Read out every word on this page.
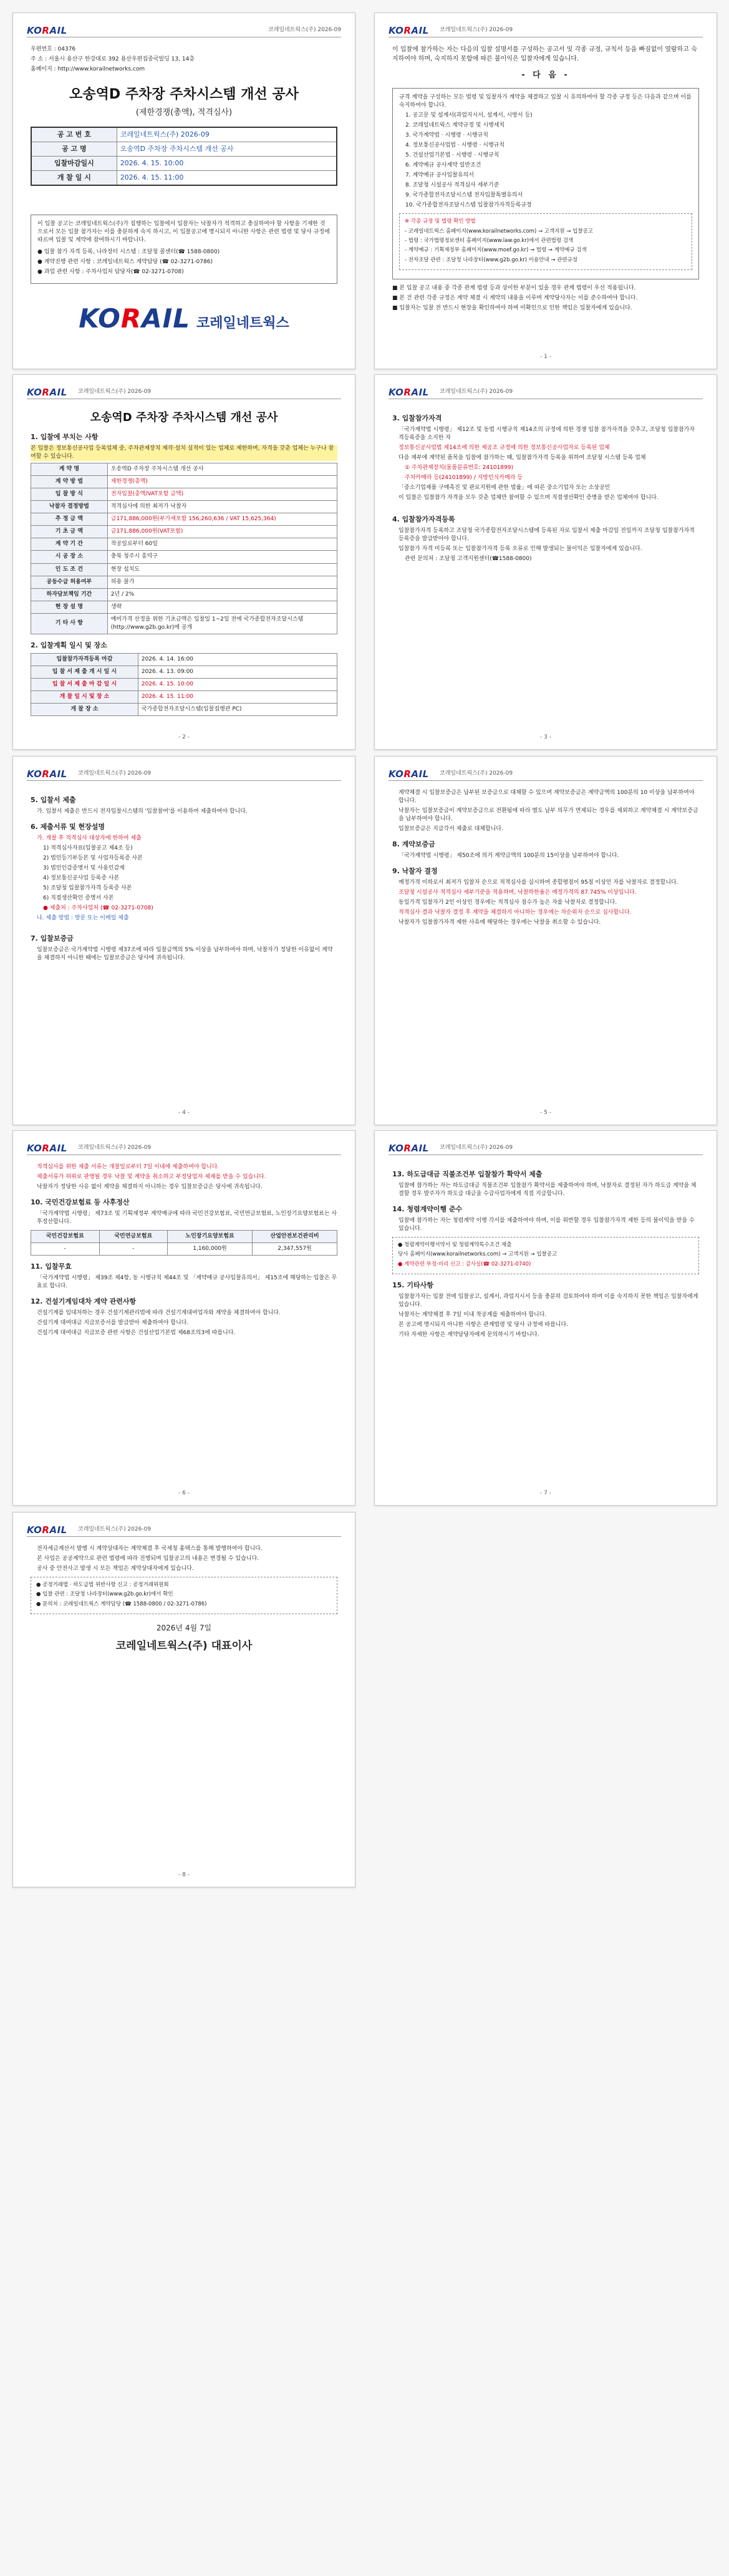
KORAIL	코레일네트웍스(주) 2026-09
우편번호 : 04376
주 소 : 서울시 용산구 한강대로 392 용산우편집중국빌딩 13, 14층
홈페이지 : http://www.korailnetworks.com
오송역D 주차장 주차시스템 개선 공사
(제한경쟁(총액), 적격심사)
공 고 번 호	코레일네트웍스(주) 2026-09
공 고 명	오송역D 주차장 주차시스템 개선 공사
입찰마감일시	2026. 4. 15. 10:00
개 찰 일 시	2026. 4. 15. 11:00
이 입찰 공고는 코레일네트웍스(주)가 집행하는 입찰에서 입찰자는 낙찰자가 적격하고 충실하여야 할 사항을 기재한 것으로서 모든 입찰 참가자는 이를 충분하게 숙지 하시고, 이 입찰공고에 명시되지 아니한 사항은 관련 법령 및 당사 규정에 따르며 입찰 및 계약에 참여하시기 바랍니다.
● 입찰 참가 자격 등록, 나라장터 시스템 : 조달청 콜센터(☎ 1588-0800)
● 계약진행 관련 사항 : 코레일네트웍스 계약담당 (☎ 02-3271-0786)
● 과업 관련 사항 : 주차사업처 담당자(☎ 02-3271-0708)
KORAIL 코레일네트웍스
KORAIL 코레일네트웍스(주) 2026-09
이 입찰에 참가하는 자는 다음의 입찰 설명서를 구성하는 공고서 및 각종 규정, 규칙서 등을 빠짐없이 열람하고 숙지하여야 하며, 숙지하지 못함에 따른 불이익은 입찰자에게 있습니다.
- 다 음 -
규격 계약을 구성하는 모든 법령 및 입찰자가 계약을 체결하고 입찰 시 유의하여야 할 각종 규정 등은 다음과 같으며 이를 숙지하여야 합니다.
1. 공고문 및 설계서(과업지시서, 설계서, 시방서 등)
2. 코레일네트웍스 계약규정 및 시행세칙
3. 국가계약법 · 시행령 · 시행규칙
4. 정보통신공사업법 · 시행령 · 시행규칙
5. 건설산업기본법 · 시행령 · 시행규칙
6. 계약예규 공사계약 일반조건
7. 계약예규 공사입찰유의서
8. 조달청 시설공사 적격심사 세부기준
9. 국가종합전자조달시스템 전자입찰특별유의서
10. 국가종합전자조달시스템 입찰참가자격등록규정
※ 각종 규정 및 법령 확인 방법
- 코레일네트웍스 홈페이지(www.korailnetworks.com) → 고객지원 → 입찰공고
- 법령 : 국가법령정보센터 홈페이지(www.law.go.kr)에서 관련법령 검색
- 계약예규 : 기획재정부 홈페이지(www.moef.go.kr) → 법령 → 계약예규 검색
- 전자조달 관련 : 조달청 나라장터(www.g2b.go.kr) 이용안내 → 관련규정
■ 본 입찰 공고 내용 중 각종 관계 법령 등과 상이한 부분이 있을 경우 관계 법령이 우선 적용됩니다.
■ 본 건 관련 각종 규정은 계약 체결 시 계약의 내용을 이루며 계약당사자는 이를 준수하여야 합니다.
■ 입찰자는 입찰 전 반드시 현장을 확인하여야 하며 미확인으로 인한 책임은 입찰자에게 있습니다.
- 1 -
KORAIL 코레일네트웍스(주) 2026-09
오송역D 주차장 주차시스템 개선 공사
1. 입찰에 부치는 사항
본 입찰은 정보통신공사업 등록업체 중, 주차관제장치 제작·설치 실적이 있는 업체로 제한하며, 자격을 갖춘 업체는 누구나 참여할 수 있습니다.
계 약 명	오송역D 주차장 주차시스템 개선 공사
계 약 방 법	제한경쟁(총액)
입 찰 방 식	전자입찰(총액/VAT포함 금액)
낙찰자 결정방법	적격심사에 의한 최저가 낙찰자
추 정 금 액	금171,886,000원(부가세포함 156,260,636 / VAT 15,625,364)
기 초 금 액	금171,886,000원(VAT포함)
계 약 기 간	착공일로부터 60일
시 공 장 소	충북 청주시 흥덕구
인 도 조 건	현장 설치도
공동수급 허용여부	허용 불가
하자담보책임 기간	2년 / 2%
현 장 설 명	생략
기 타 사 항	예비가격 산정을 위한 기초금액은 입찰일 1~2일 전에 국가종합전자조달시스템(http://www.g2b.go.kr)에 공개
2. 입찰계획 일시 및 장소
입찰참가자격등록 마감	2026. 4. 14. 16:00
입 찰 서 제 출 개 시 일 시	2026. 4. 13. 09:00
입 찰 서 제 출 마 감 일 시	2026. 4. 15. 10:00
개 찰 일 시 및 장 소	2026. 4. 15. 11:00
개 찰 장 소	국가종합전자조달시스템(입찰집행관 PC)
- 2 -
KORAIL 코레일네트웍스(주) 2026-09
3. 입찰참가자격
「국가계약법 시행령」 제12조 및 동법 시행규칙 제14조의 규정에 의한 경쟁 입찰 참가자격을 갖추고, 조달청 입찰참가자격등록증을 소지한 자
정보통신공사업법 제14조에 의한 제공조 규정에 의한 정보통신공사업자로 등록된 업체
다음 제부에 계약된 품목을 입찰에 참가하는 때, 입찰참가자격 등록을 위하여 조달청 시스템 등록 업체
① 주차관제장치(물품분류번호: 24101899)
주차카메라 등(24101899) / 지방인식카메라 등
「중소기업제품 구매촉진 및 판로지원에 관한 법률」에 따른 중소기업자 또는 소상공인
이 입찰은 입찰참가 자격을 모두 갖춘 업체만 참여할 수 있으며 직접생산확인 증명을 받은 업체여야 합니다.
4. 입찰참가자격등록
입찰참가자격 등록하고 조달청 국가종합전자조달시스템에 등록된 자로 입찰서 제출 마감일 전일까지 조달청 입찰참가자격등록증을 발급받아야 합니다.
입찰참가 자격 미등록 또는 입찰참가자격 등록 오류로 인해 발생되는 불이익은 입찰자에게 있습니다.
관련 문의처 : 조달청 고객지원센터(☎1588-0800)
- 3 -
KORAIL 코레일네트웍스(주) 2026-09
5. 입찰서 제출
가. 입찰서 제출은 반드시 전자입찰시스템의 '입찰참여'를 이용하여 제출하여야 합니다.
6. 제출서류 및 현장설명
가. 개찰 후 적격심사 대상자에 한하여 제출
1) 적격심사자료(입찰공고 제4조 등)
2) 법인등기부등본 및 사업자등록증 사본
3) 법인인감증명서 및 사용인감계
4) 정보통신공사업 등록증 사본
5) 조달청 입찰참가자격 등록증 사본
6) 직접생산확인 증명서 사본
● 제출처 : 주차사업처 (☎ 02-3271-0708)
나. 제출 방법 : 방문 또는 이메일 제출
7. 입찰보증금
입찰보증금은 국가계약법 시행령 제37조에 따라 입찰금액의 5% 이상을 납부하여야 하며, 낙찰자가 정당한 이유없이 계약을 체결하지 아니한 때에는 입찰보증금은 당사에 귀속됩니다.
- 4 -
KORAIL 코레일네트웍스(주) 2026-09
계약체결 시 입찰보증금은 납부된 보증금으로 대체할 수 있으며 계약보증금은 계약금액의 100분의 10 이상을 납부하여야 합니다.
낙찰자는 입찰보증금이 계약보증금으로 전환됨에 따라 별도 납부 의무가 면제되는 경우를 제외하고 계약체결 시 계약보증금을 납부하여야 합니다.
입찰보증금은 지급각서 제출로 대체합니다.
8. 계약보증금
「국가계약법 시행령」 제50조에 의거 계약금액의 100분의 15이상을 납부하여야 합니다.
9. 낙찰자 결정
예정가격 이하로서 최저가 입찰자 순으로 적격심사를 실시하여 종합평점이 95점 이상인 자를 낙찰자로 결정합니다.
조달청 시설공사 적격심사 세부기준을 적용하며, 낙찰하한율은 예정가격의 87.745% 이상입니다.
동일가격 입찰자가 2인 이상인 경우에는 적격심사 점수가 높은 자를 낙찰자로 결정합니다.
적격심사 결과 낙찰자 결정 후 계약을 체결하지 아니하는 경우에는 차순위자 순으로 심사합니다.
낙찰자가 입찰참가자격 제한 사유에 해당하는 경우에는 낙찰을 취소할 수 있습니다.
- 5 -
KORAIL 코레일네트웍스(주) 2026-09
적격심사를 위한 제출 서류는 개찰일로부터 7일 이내에 제출하여야 합니다.
제출서류가 허위로 판명될 경우 낙찰 및 계약을 취소하고 부정당업자 제재를 받을 수 있습니다.
낙찰자가 정당한 사유 없이 계약을 체결하지 아니하는 경우 입찰보증금은 당사에 귀속됩니다.
10. 국민건강보험료 등 사후정산
「국가계약법 시행령」 제73조 및 기획재정부 계약예규에 따라 국민건강보험료, 국민연금보험료, 노인장기요양보험료는 사후정산합니다.
국민건강보험료	국민연금보험료	노인장기요양보험료	산업안전보건관리비
-	-	1,160,000원	2,347,557원
11. 입찰무효
「국가계약법 시행령」 제39조 제4항, 동 시행규칙 제44조 및 「계약예규 공사입찰유의서」 제15조에 해당하는 입찰은 무효로 합니다.
12. 건설기계임대차 계약 관련사항
건설기계를 임대차하는 경우 건설기계관리법에 따라 건설기계대여업자와 계약을 체결하여야 합니다.
건설기계 대여대금 지급보증서를 발급받아 제출하여야 합니다.
건설기계 대여대금 지급보증 관련 사항은 건설산업기본법 제68조의3에 따릅니다.
- 6 -
KORAIL 코레일네트웍스(주) 2026-09
13. 하도급대금 직불조건부 입찰참가 확약서 제출
입찰에 참가하는 자는 하도급대금 직불조건부 입찰참가 확약서를 제출하여야 하며, 낙찰자로 결정된 자가 하도급 계약을 체결할 경우 발주자가 하도급 대금을 수급사업자에게 직접 지급합니다.
14. 청렴계약이행 준수
입찰에 참가하는 자는 청렴계약 이행 각서를 제출하여야 하며, 이를 위반할 경우 입찰참가자격 제한 등의 불이익을 받을 수 있습니다.
● 청렴계약이행서약서 및 청렴계약특수조건 제출
당사 홈페이지(www.korailnetworks.com) → 고객지원 → 입찰공고
● 계약관련 부정·비리 신고 : 감사실(☎ 02-3271-0740)
15. 기타사항
입찰참가자는 입찰 전에 입찰공고, 설계서, 과업지시서 등을 충분히 검토하여야 하며 이를 숙지하지 못한 책임은 입찰자에게 있습니다.
낙찰자는 계약체결 후 7일 이내 착공계를 제출하여야 합니다.
본 공고에 명시되지 아니한 사항은 관계법령 및 당사 규정에 따릅니다.
기타 자세한 사항은 계약담당자에게 문의하시기 바랍니다.
- 7 -
KORAIL 코레일네트웍스(주) 2026-09
전자세금계산서 발행 시 계약상대자는 계약체결 후 국세청 홈택스를 통해 발행하여야 합니다.
본 사업은 공공계약으로 관련 법령에 따라 진행되며 입찰공고의 내용은 변경될 수 있습니다.
공사 중 안전사고 발생 시 모든 책임은 계약상대자에게 있습니다.
● 공정거래법 · 하도급법 위반사항 신고 : 공정거래위원회
● 입찰 관련 : 조달청 나라장터(www.g2b.go.kr)에서 확인
● 문의처 : 코레일네트웍스 계약담당 (☎ 1588-0800 / 02-3271-0786)
2026년 4월 7일
코레일네트웍스(주) 대표이사
- 8 -
